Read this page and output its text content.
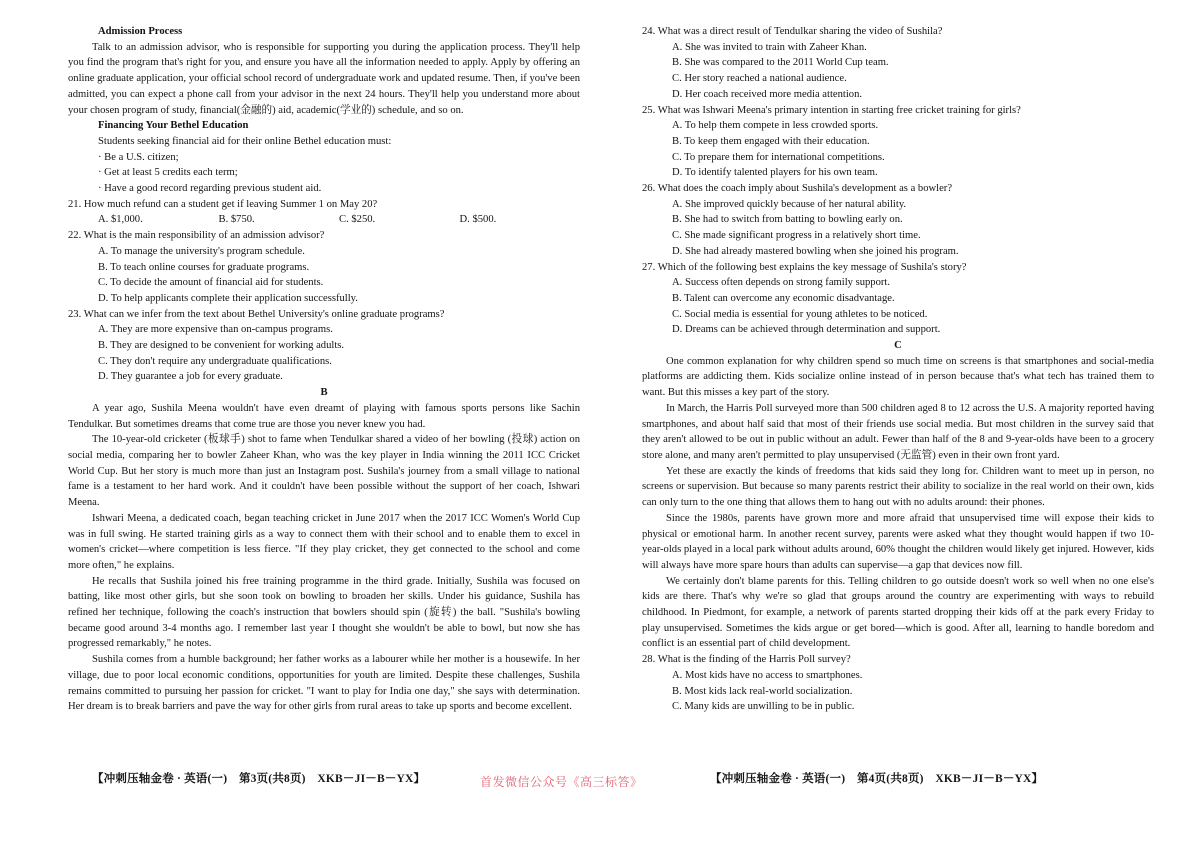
Admission Process

Talk to an admission advisor, who is responsible for supporting you during the application process. They'll help you find the program that's right for you, and ensure you have all the information needed to apply. Apply by offering an online graduate application, your official school record of undergraduate work and updated resume. Then, if you've been admitted, you can expect a phone call from your advisor in the next 24 hours. They'll help you understand more about your chosen program of study, financial(金融的) aid, academic(学业的) schedule, and so on.

Financing Your Bethel Education

Students seeking financial aid for their online Bethel education must:

· Be a U.S. citizen;

· Get at least 5 credits each term;

· Have a good record regarding previous student aid.

21. How much refund can a student get if leaving Summer 1 on May 20?

A. $1,000.	B. $750.	C. $250.	D. $500.

22. What is the main responsibility of an admission advisor?

A. To manage the university's program schedule.

B. To teach online courses for graduate programs.

C. To decide the amount of financial aid for students.

D. To help applicants complete their application successfully.

23. What can we infer from the text about Bethel University's online graduate programs?

A. They are more expensive than on-campus programs.

B. They are designed to be convenient for working adults.

C. They don't require any undergraduate qualifications.

D. They guarantee a job for every graduate.

B

A year ago, Sushila Meena wouldn't have even dreamt of playing with famous sports persons like Sachin Tendulkar. But sometimes dreams that come true are those you never knew you had.

The 10-year-old cricketer (板球手) shot to fame when Tendulkar shared a video of her bowling (投球) action on social media, comparing her to bowler Zaheer Khan, who was the key player in India winning the 2011 ICC Cricket World Cup. But her story is much more than just an Instagram post. Sushila's journey from a small village to national fame is a testament to her hard work. And it couldn't have been possible without the support of her coach, Ishwari Meena.

Ishwari Meena, a dedicated coach, began teaching cricket in June 2017 when the 2017 ICC Women's World Cup was in full swing. He started training girls as a way to connect them with their school and to enable them to excel in women's cricket—where competition is less fierce. "If they play cricket, they get connected to the school and come more often," he explains.

He recalls that Sushila joined his free training programme in the third grade. Initially, Sushila was focused on batting, like most other girls, but she soon took on bowling to broaden her skills. Under his guidance, Sushila has refined her technique, following the coach's instruction that bowlers should spin (旋转) the ball. "Sushila's bowling became good around 3-4 months ago. I remember last year I thought she wouldn't be able to bowl, but now she has progressed remarkably," he notes.

Sushila comes from a humble background; her father works as a labourer while her mother is a housewife. In her village, due to poor local economic conditions, opportunities for youth are limited. Despite these challenges, Sushila remains committed to pursuing her passion for cricket. "I want to play for India one day," she says with determination. Her dream is to break barriers and pave the way for other girls from rural areas to take up sports and become excellent.

24. What was a direct result of Tendulkar sharing the video of Sushila?

A. She was invited to train with Zaheer Khan.

B. She was compared to the 2011 World Cup team.

C. Her story reached a national audience.

D. Her coach received more media attention.

25. What was Ishwari Meena's primary intention in starting free cricket training for girls?

A. To help them compete in less crowded sports.

B. To keep them engaged with their education.

C. To prepare them for international competitions.

D. To identify talented players for his own team.

26. What does the coach imply about Sushila's development as a bowler?

A. She improved quickly because of her natural ability.

B. She had to switch from batting to bowling early on.

C. She made significant progress in a relatively short time.

D. She had already mastered bowling when she joined his program.

27. Which of the following best explains the key message of Sushila's story?

A. Success often depends on strong family support.

B. Talent can overcome any economic disadvantage.

C. Social media is essential for young athletes to be noticed.

D. Dreams can be achieved through determination and support.

C

One common explanation for why children spend so much time on screens is that smartphones and social-media platforms are addicting them. Kids socialize online instead of in person because that's what tech has trained them to want. But this misses a key part of the story.

In March, the Harris Poll surveyed more than 500 children aged 8 to 12 across the U.S. A majority reported having smartphones, and about half said that most of their friends use social media. But most children in the survey said that they aren't allowed to be out in public without an adult. Fewer than half of the 8 and 9-year-olds have been to a grocery store alone, and many aren't permitted to play unsupervised (无监管) even in their own front yard.

Yet these are exactly the kinds of freedoms that kids said they long for. Children want to meet up in person, no screens or supervision. But because so many parents restrict their ability to socialize in the real world on their own, kids can only turn to the one thing that allows them to hang out with no adults around: their phones.

Since the 1980s, parents have grown more and more afraid that unsupervised time will expose their kids to physical or emotional harm. In another recent survey, parents were asked what they thought would happen if two 10-year-olds played in a local park without adults around, 60% thought the children would likely get injured. However, kids will always have more spare hours than adults can supervise—a gap that devices now fill.

We certainly don't blame parents for this. Telling children to go outside doesn't work so well when no one else's kids are there. That's why we're so glad that groups around the country are experimenting with ways to rebuild childhood. In Piedmont, for example, a network of parents started dropping their kids off at the park every Friday to play unsupervised. Sometimes the kids argue or get bored—which is good. After all, learning to handle boredom and conflict is an essential part of child development.

28. What is the finding of the Harris Poll survey?

A. Most kids have no access to smartphones.

B. Most kids lack real-world socialization.

C. Many kids are unwilling to be in public.

【冲刺压轴金卷 · 英语(一)　第3页(共8页)　XKB－JI－B－YX】	首发微信公众号《高三标答》	【冲刺压轴金卷 · 英语(一)　第4页(共8页)　XKB－JI－B－YX】
